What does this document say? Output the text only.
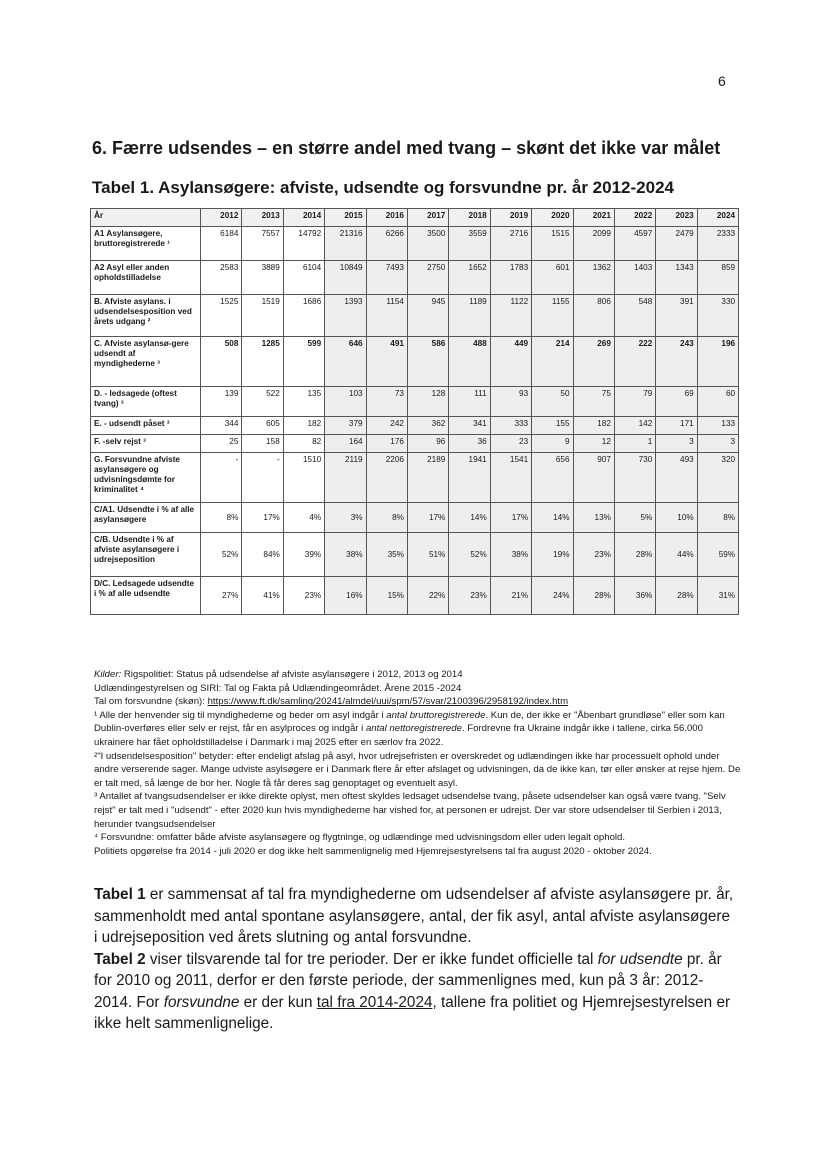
6
6. Færre udsendes – en større andel med tvang – skønt det ikke var målet
Tabel 1. Asylansøgere: afviste, udsendte og forsvundne pr. år 2012-2024
År	2012	2013	2014	2015	2016	2017	2018	2019	2020	2021	2022	2023	2024
A1 Asylansøgere, bruttoregistrerede ¹	6184	7557	14792	21316	6266	3500	3559	2716	1515	2099	4597	2479	2333
A2 Asyl eller anden opholdstilladelse	2583	3889	6104	10849	7493	2750	1652	1783	601	1362	1403	1343	859
B. Afviste asylans. i udsendelsesposition ved årets udgang ²	1525	1519	1686	1393	1154	945	1189	1122	1155	806	548	391	330
C. Afviste asylansø-gere udsendt af myndighederne ³	508	1285	599	646	491	586	488	449	214	269	222	243	196
D. - ledsagede (oftest tvang) ³	139	522	135	103	73	128	111	93	50	75	79	69	60
E. - udsendt påset ³	344	605	182	379	242	362	341	333	155	182	142	171	133
F. -selv rejst ³	25	158	82	164	176	96	36	23	9	12	1	3	3
G. Forsvundne afviste asylansøgere og udvisningsdømte for kriminalitet ⁴	-	-	1510	2119	2206	2189	1941	1541	656	907	730	493	320
C/A1. Udsendte i % af alle asylansøgere	8%	17%	4%	3%	8%	17%	14%	17%	14%	13%	5%	10%	8%
C/B. Udsendte i % af afviste asylansøgere i udrejseposition	52%	84%	39%	38%	35%	51%	52%	38%	19%	23%	28%	44%	59%
D/C. Ledsagede udsendte i % af alle udsendte	27%	41%	23%	16%	15%	22%	23%	21%	24%	28%	36%	28%	31%

Kilder: Rigspolitiet: Status på udsendelse af afviste asylansøgere i 2012, 2013 og 2014

Udlændingestyrelsen og SIRI: Tal og Fakta på Udlændingeområdet. Årene 2015 -2024

Tal om forsvundne (skøn): https://www.ft.dk/samling/20241/almdel/uui/spm/57/svar/2100396/2958192/index.htm

¹ Alle der henvender sig til myndighederne og beder om asyl indgår i antal bruttoregistrerede. Kun de, der ikke er "Åbenbart grundløse" eller som kan Dublin-overføres eller selv er rejst, får en asylproces og indgår i antal nettoregistrerede. Fordrevne fra Ukraine indgår ikke i tallene, cirka 56.000 ukrainere har fået opholdstilladelse i Danmark i maj 2025 efter en særlov fra 2022.

²"I udsendelsesposition" betyder: efter endeligt afslag på asyl, hvor udrejsefristen er overskredet og udlændingen ikke har processuelt ophold under andre verserende sager. Mange udviste asylsøgere er i Danmark flere år efter afslaget og udvisningen, da de ikke kan, tør eller ønsker at rejse hjem. De er talt med, så længe de bor her. Nogle få får deres sag genoptaget og eventuelt asyl.

³ Antallet af tvangsudsendelser er ikke direkte oplyst, men oftest skyldes ledsaget udsendelse tvang, påsete udsendelser kan også være tvang. "Selv rejst" er talt med i "udsendt" - efter 2020 kun hvis myndighederne har vished for, at personen er udrejst. Der var store udsendelser til Serbien i 2013, herunder tvangsudsendelser

⁴ Forsvundne: omfatter både afviste asylansøgere og flygtninge, og udlændinge med udvisningsdom eller uden legalt ophold.

Politiets opgørelse fra 2014 - juli 2020 er dog ikke helt sammenlignelig med Hjemrejsestyrelsens tal fra august 2020 - oktober 2024.

Tabel 1 er sammensat af tal fra myndighederne om udsendelser af afviste asylansøgere pr. år, sammenholdt med antal spontane asylansøgere, antal, der fik asyl, antal afviste asylansøgere i udrejseposition ved årets slutning og antal forsvundne.

Tabel 2 viser tilsvarende tal for tre perioder. Der er ikke fundet officielle tal for udsendte pr. år for 2010 og 2011, derfor er den første periode, der sammenlignes med, kun på 3 år: 2012-2014. For forsvundne er der kun tal fra 2014-2024, tallene fra politiet og Hjemrejsestyrelsen er ikke helt sammenlignelige.
